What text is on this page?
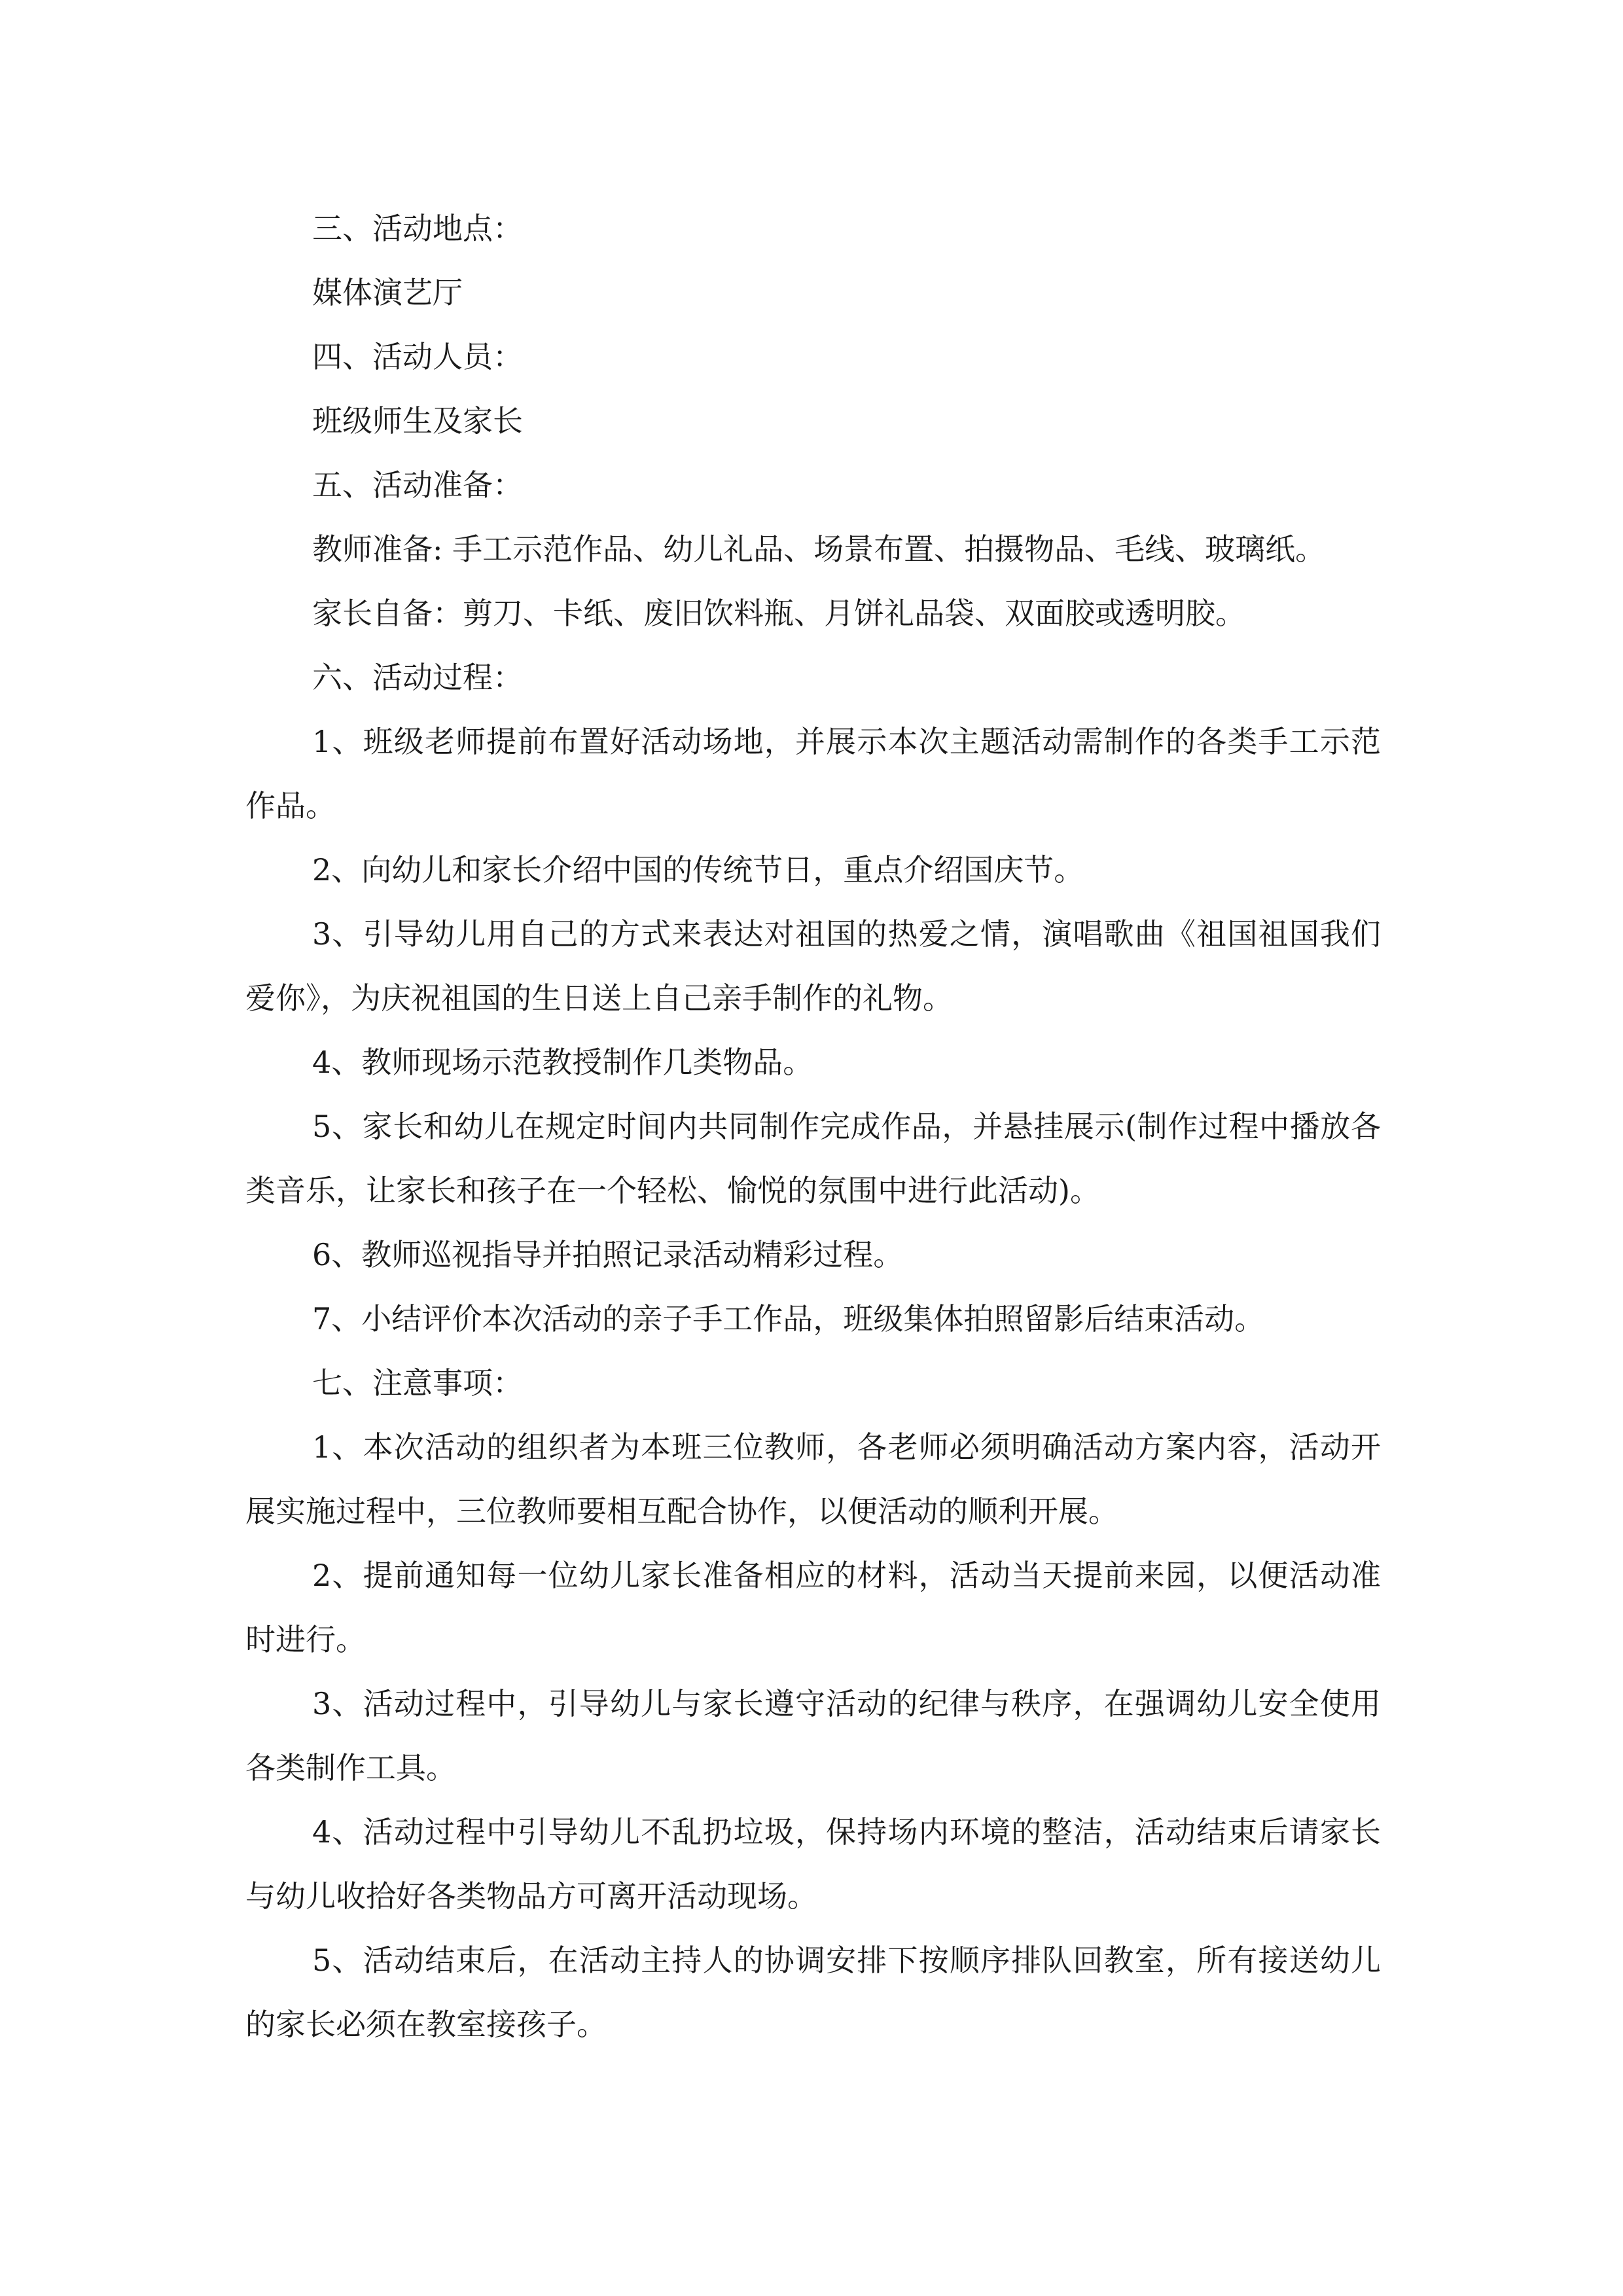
三、活动地点：

媒体演艺厅

四、活动人员：

班级师生及家长

五、活动准备：

教师准备: 手工示范作品、幼儿礼品、场景布置、拍摄物品、毛线、玻璃纸。

家长自备：剪刀、卡纸、废旧饮料瓶、月饼礼品袋、双面胶或透明胶。

六、活动过程：

1、班级老师提前布置好活动场地，并展示本次主题活动需制作的各类手工示范作品。

2、向幼儿和家长介绍中国的传统节日，重点介绍国庆节。

3、引导幼儿用自己的方式来表达对祖国的热爱之情，演唱歌曲《祖国祖国我们爱你》，为庆祝祖国的生日送上自己亲手制作的礼物。

4、教师现场示范教授制作几类物品。

5、家长和幼儿在规定时间内共同制作完成作品，并悬挂展示(制作过程中播放各类音乐，让家长和孩子在一个轻松、愉悦的氛围中进行此活动)。

6、教师巡视指导并拍照记录活动精彩过程。

7、小结评价本次活动的亲子手工作品，班级集体拍照留影后结束活动。

七、注意事项：

1、本次活动的组织者为本班三位教师，各老师必须明确活动方案内容，活动开展实施过程中，三位教师要相互配合协作，以便活动的顺利开展。

2、提前通知每一位幼儿家长准备相应的材料，活动当天提前来园，以便活动准时进行。

3、活动过程中，引导幼儿与家长遵守活动的纪律与秩序，在强调幼儿安全使用各类制作工具。

4、活动过程中引导幼儿不乱扔垃圾，保持场内环境的整洁，活动结束后请家长与幼儿收拾好各类物品方可离开活动现场。

5、活动结束后，在活动主持人的协调安排下按顺序排队回教室，所有接送幼儿的家长必须在教室接孩子。
